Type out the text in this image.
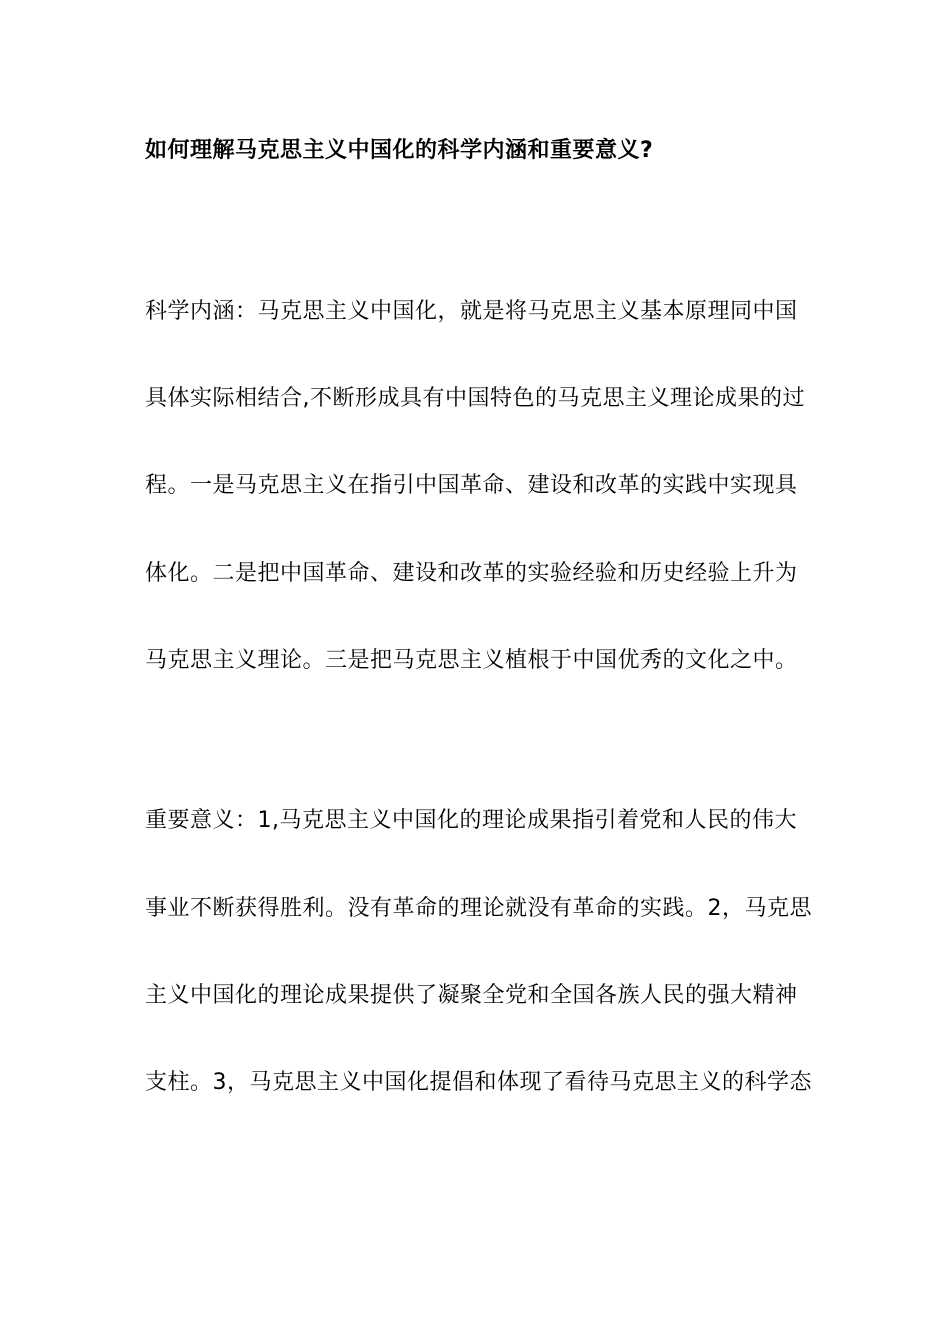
如何理解马克思主义中国化的科学内涵和重要意义?
科学内涵：马克思主义中国化，就是将马克思主义基本原理同中国
具体实际相结合,不断形成具有中国特色的马克思主义理论成果的过
程。一是马克思主义在指引中国革命、建设和改革的实践中实现具
体化。二是把中国革命、建设和改革的实验经验和历史经验上升为
马克思主义理论。三是把马克思主义植根于中国优秀的文化之中。
重要意义：1,马克思主义中国化的理论成果指引着党和人民的伟大
事业不断获得胜利。没有革命的理论就没有革命的实践。2，马克思
主义中国化的理论成果提供了凝聚全党和全国各族人民的强大精神
支柱。3，马克思主义中国化提倡和体现了看待马克思主义的科学态
